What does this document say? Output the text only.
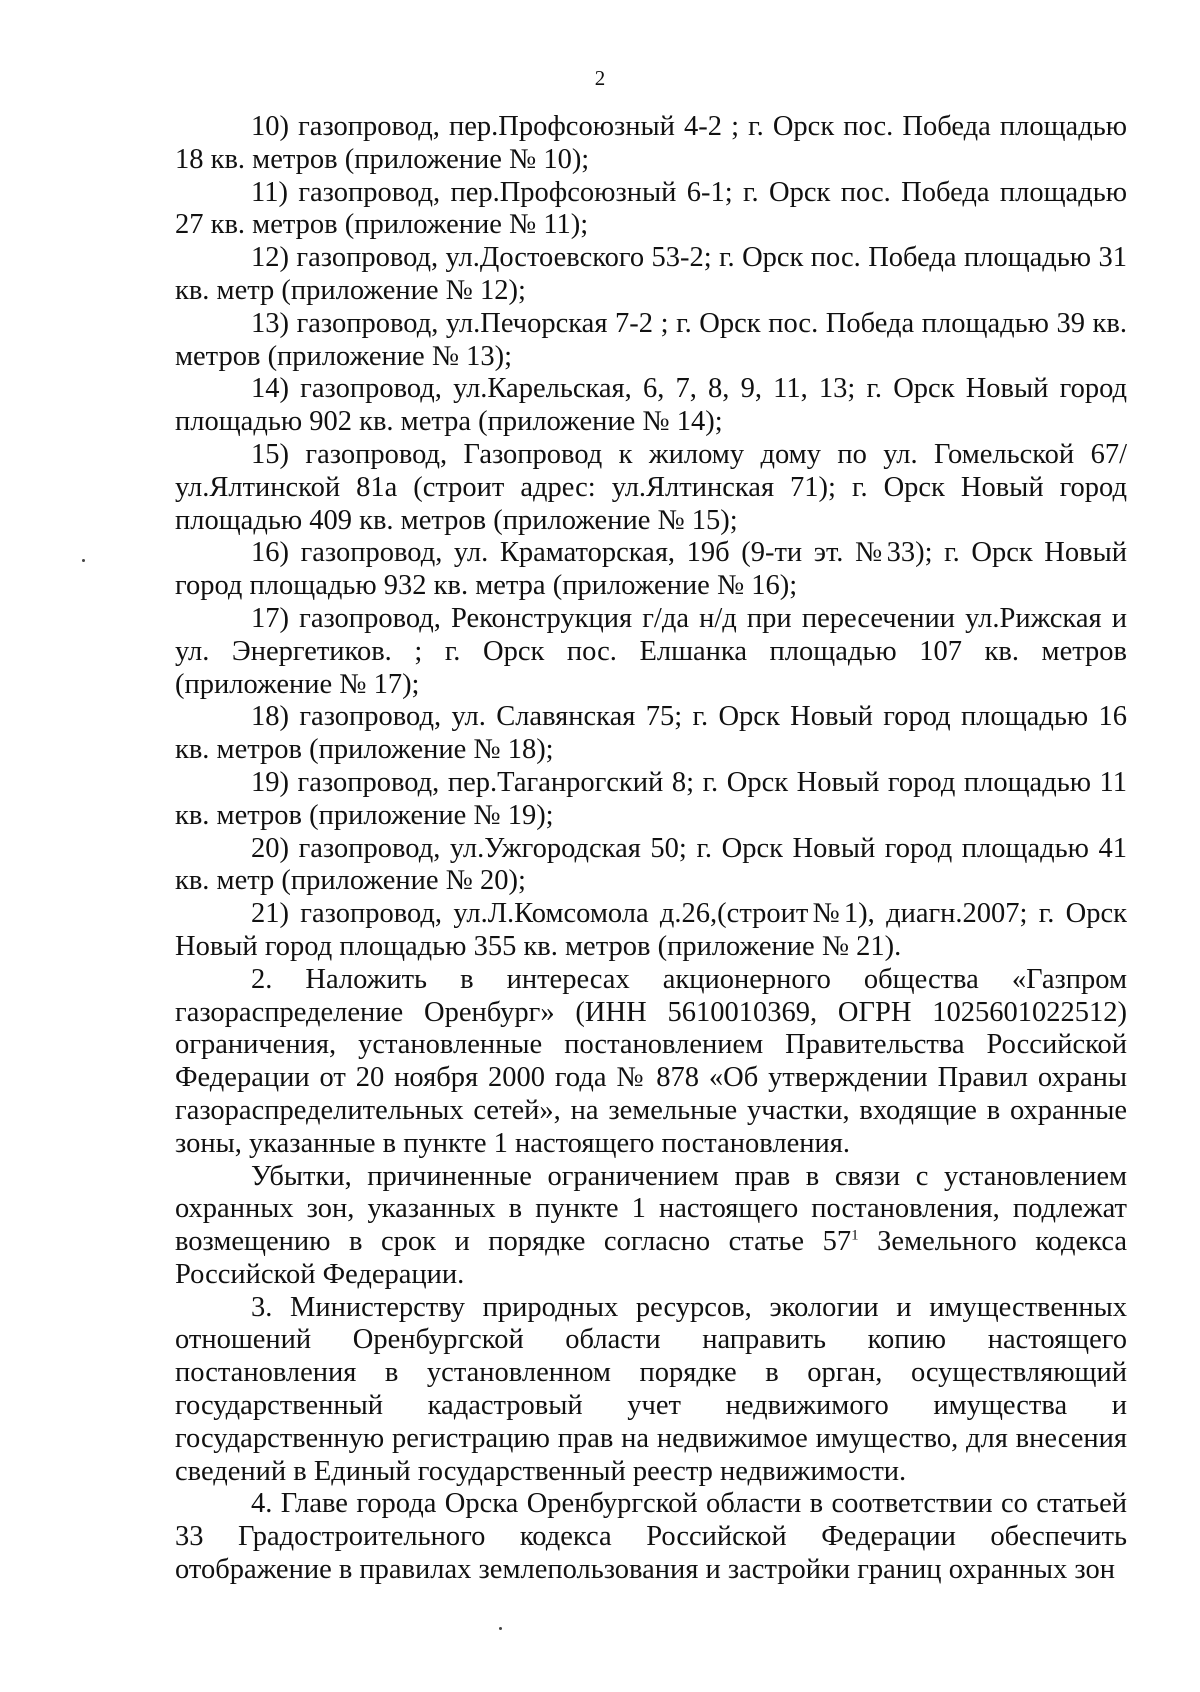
2

10) газопровод, пер.Профсоюзный 4-2 ; г. Орск пос. Победа площадью 18 кв. метров (приложение № 10);

11) газопровод, пер.Профсоюзный 6-1; г. Орск пос. Победа площадью 27 кв. метров (приложение № 11);

12) газопровод, ул.Достоевского 53-2; г. Орск пос. Победа площадью 31 кв. метр (приложение № 12);

13) газопровод, ул.Печорская 7-2 ; г. Орск пос. Победа площадью 39 кв. метров (приложение № 13);

14) газопровод, ул.Карельская, 6, 7, 8, 9, 11, 13; г. Орск Новый город площадью 902 кв. метра (приложение № 14);

15) газопровод, Газопровод к жилому дому по ул. Гомельской 67/ул.Ялтинской 81а (строит адрес: ул.Ялтинская 71); г. Орск Новый город площадью 409 кв. метров (приложение № 15);

16) газопровод, ул. Краматорская, 19б (9-ти эт. №33); г. Орск Новый город площадью 932 кв. метра (приложение № 16);

17) газопровод, Реконструкция г/да н/д при пересечении ул.Рижская и ул. Энергетиков. ; г. Орск пос. Елшанка площадью 107 кв. метров (приложение № 17);

18) газопровод, ул. Славянская 75; г. Орск Новый город площадью 16 кв. метров (приложение № 18);

19) газопровод, пер.Таганрогский 8; г. Орск Новый город площадью 11 кв. метров (приложение № 19);

20) газопровод, ул.Ужгородская 50; г. Орск Новый город площадью 41 кв. метр (приложение № 20);

21) газопровод, ул.Л.Комсомола д.26,(строит№1), диагн.2007; г. Орск Новый город площадью 355 кв. метров (приложение № 21).

2. Наложить в интересах акционерного общества «Газпром газораспределение Оренбург» (ИНН 5610010369, ОГРН 1025601022512) ограничения, установленные постановлением Правительства Российской Федерации от 20 ноября 2000 года № 878 «Об утверждении Правил охраны газораспределительных сетей», на земельные участки, входящие в охранные зоны, указанные в пункте 1 настоящего постановления.

Убытки, причиненные ограничением прав в связи с установлением охранных зон, указанных в пункте 1 настоящего постановления, подлежат возмещению в срок и порядке согласно статье 57$^1$ Земельного кодекса Российской Федерации.

3. Министерству природных ресурсов, экологии и имущественных отношений Оренбургской области направить копию настоящего постановления в установленном порядке в орган, осуществляющий государственный кадастровый учет недвижимого имущества и государственную регистрацию прав на недвижимое имущество, для внесения сведений в Единый государственный реестр недвижимости.

4. Главе города Орска Оренбургской области в соответствии со статьей 33 Градостроительного кодекса Российской Федерации обеспечить отображение в правилах землепользования и застройки границ охранных зон
